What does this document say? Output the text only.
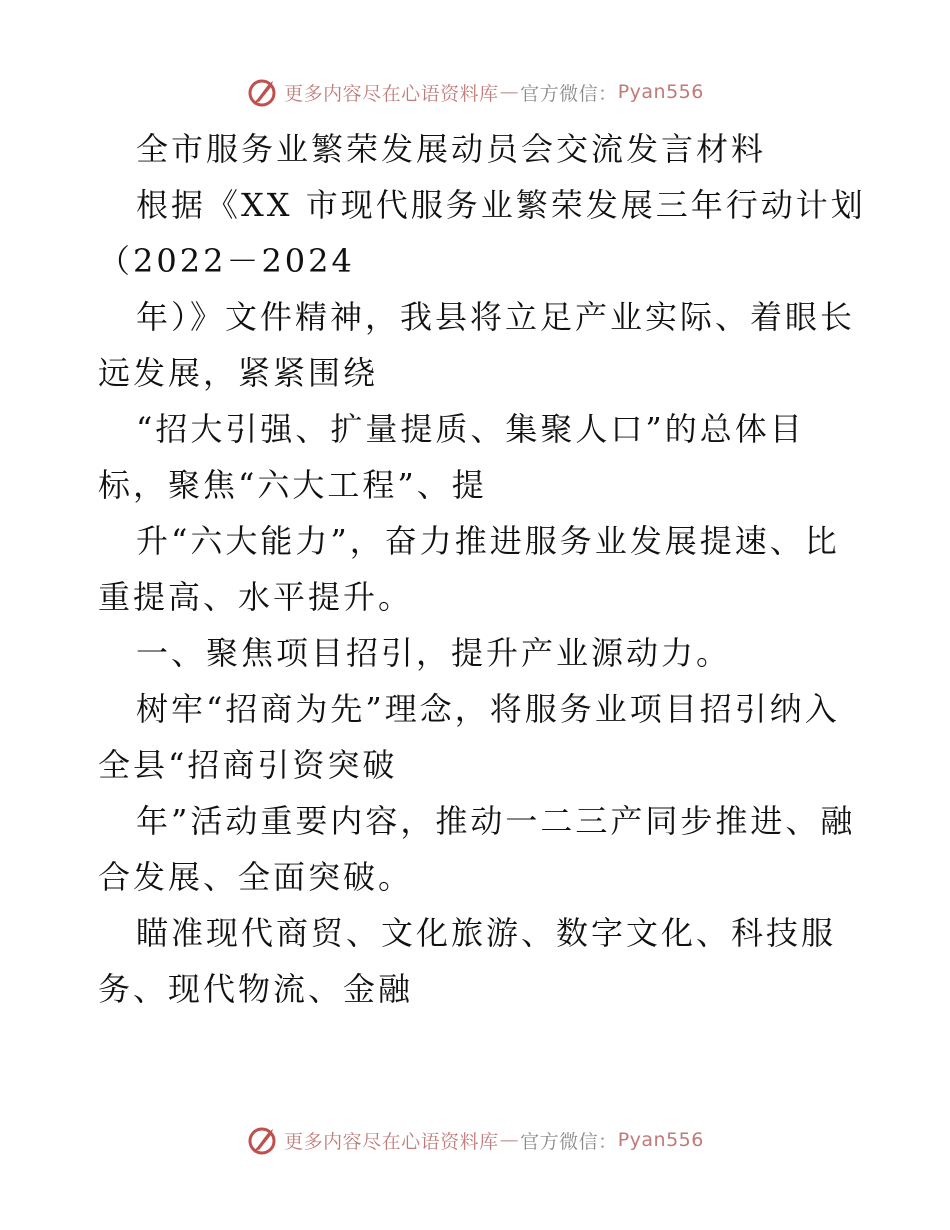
更多内容尽在心语资料库 — 官方微信： Pyan556

全市服务业繁荣发展动员会交流发言材料

根据《XX 市现代服务业繁荣发展三年行动计划

（2022－2024

年）》文件精神，我县将立足产业实际、着眼长

远发展，紧紧围绕

“招大引强、扩量提质、集聚人口”的总体目

标，聚焦“六大工程”、提

升“六大能力”，奋力推进服务业发展提速、比

重提高、水平提升。

一、聚焦项目招引，提升产业源动力。

树牢“招商为先”理念，将服务业项目招引纳入

全县“招商引资突破

年”活动重要内容，推动一二三产同步推进、融

合发展、全面突破。

瞄准现代商贸、文化旅游、数字文化、科技服

务、现代物流、金融

更多内容尽在心语资料库 — 官方微信： Pyan556
